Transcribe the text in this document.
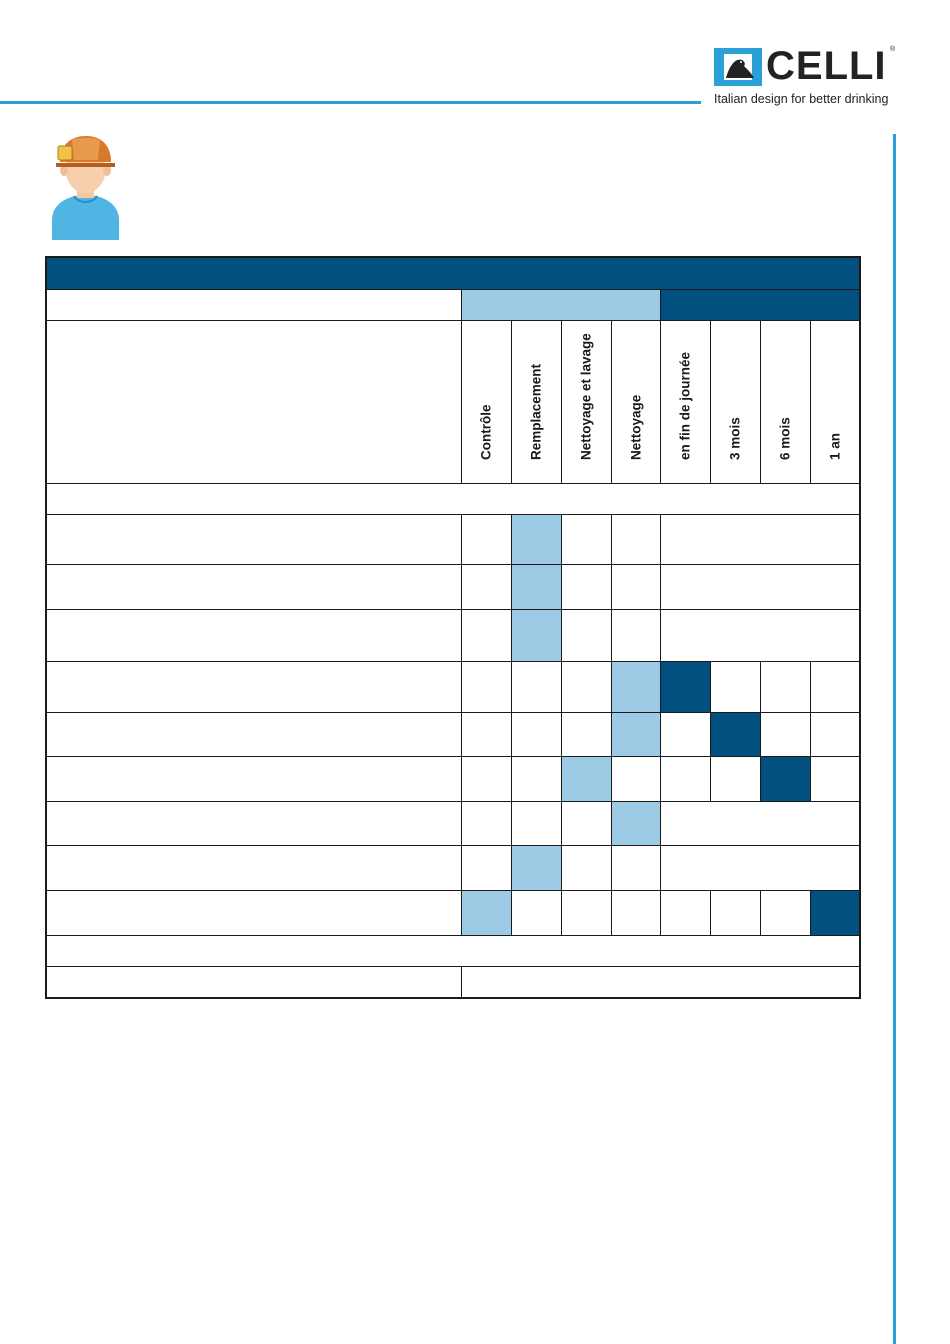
CELLI ®
Italian design for better drinking

	Contrôle	Remplacement	Nettoyage et lavage	Nettoyage	en fin de journée	3 mois	6 mois	1 an
